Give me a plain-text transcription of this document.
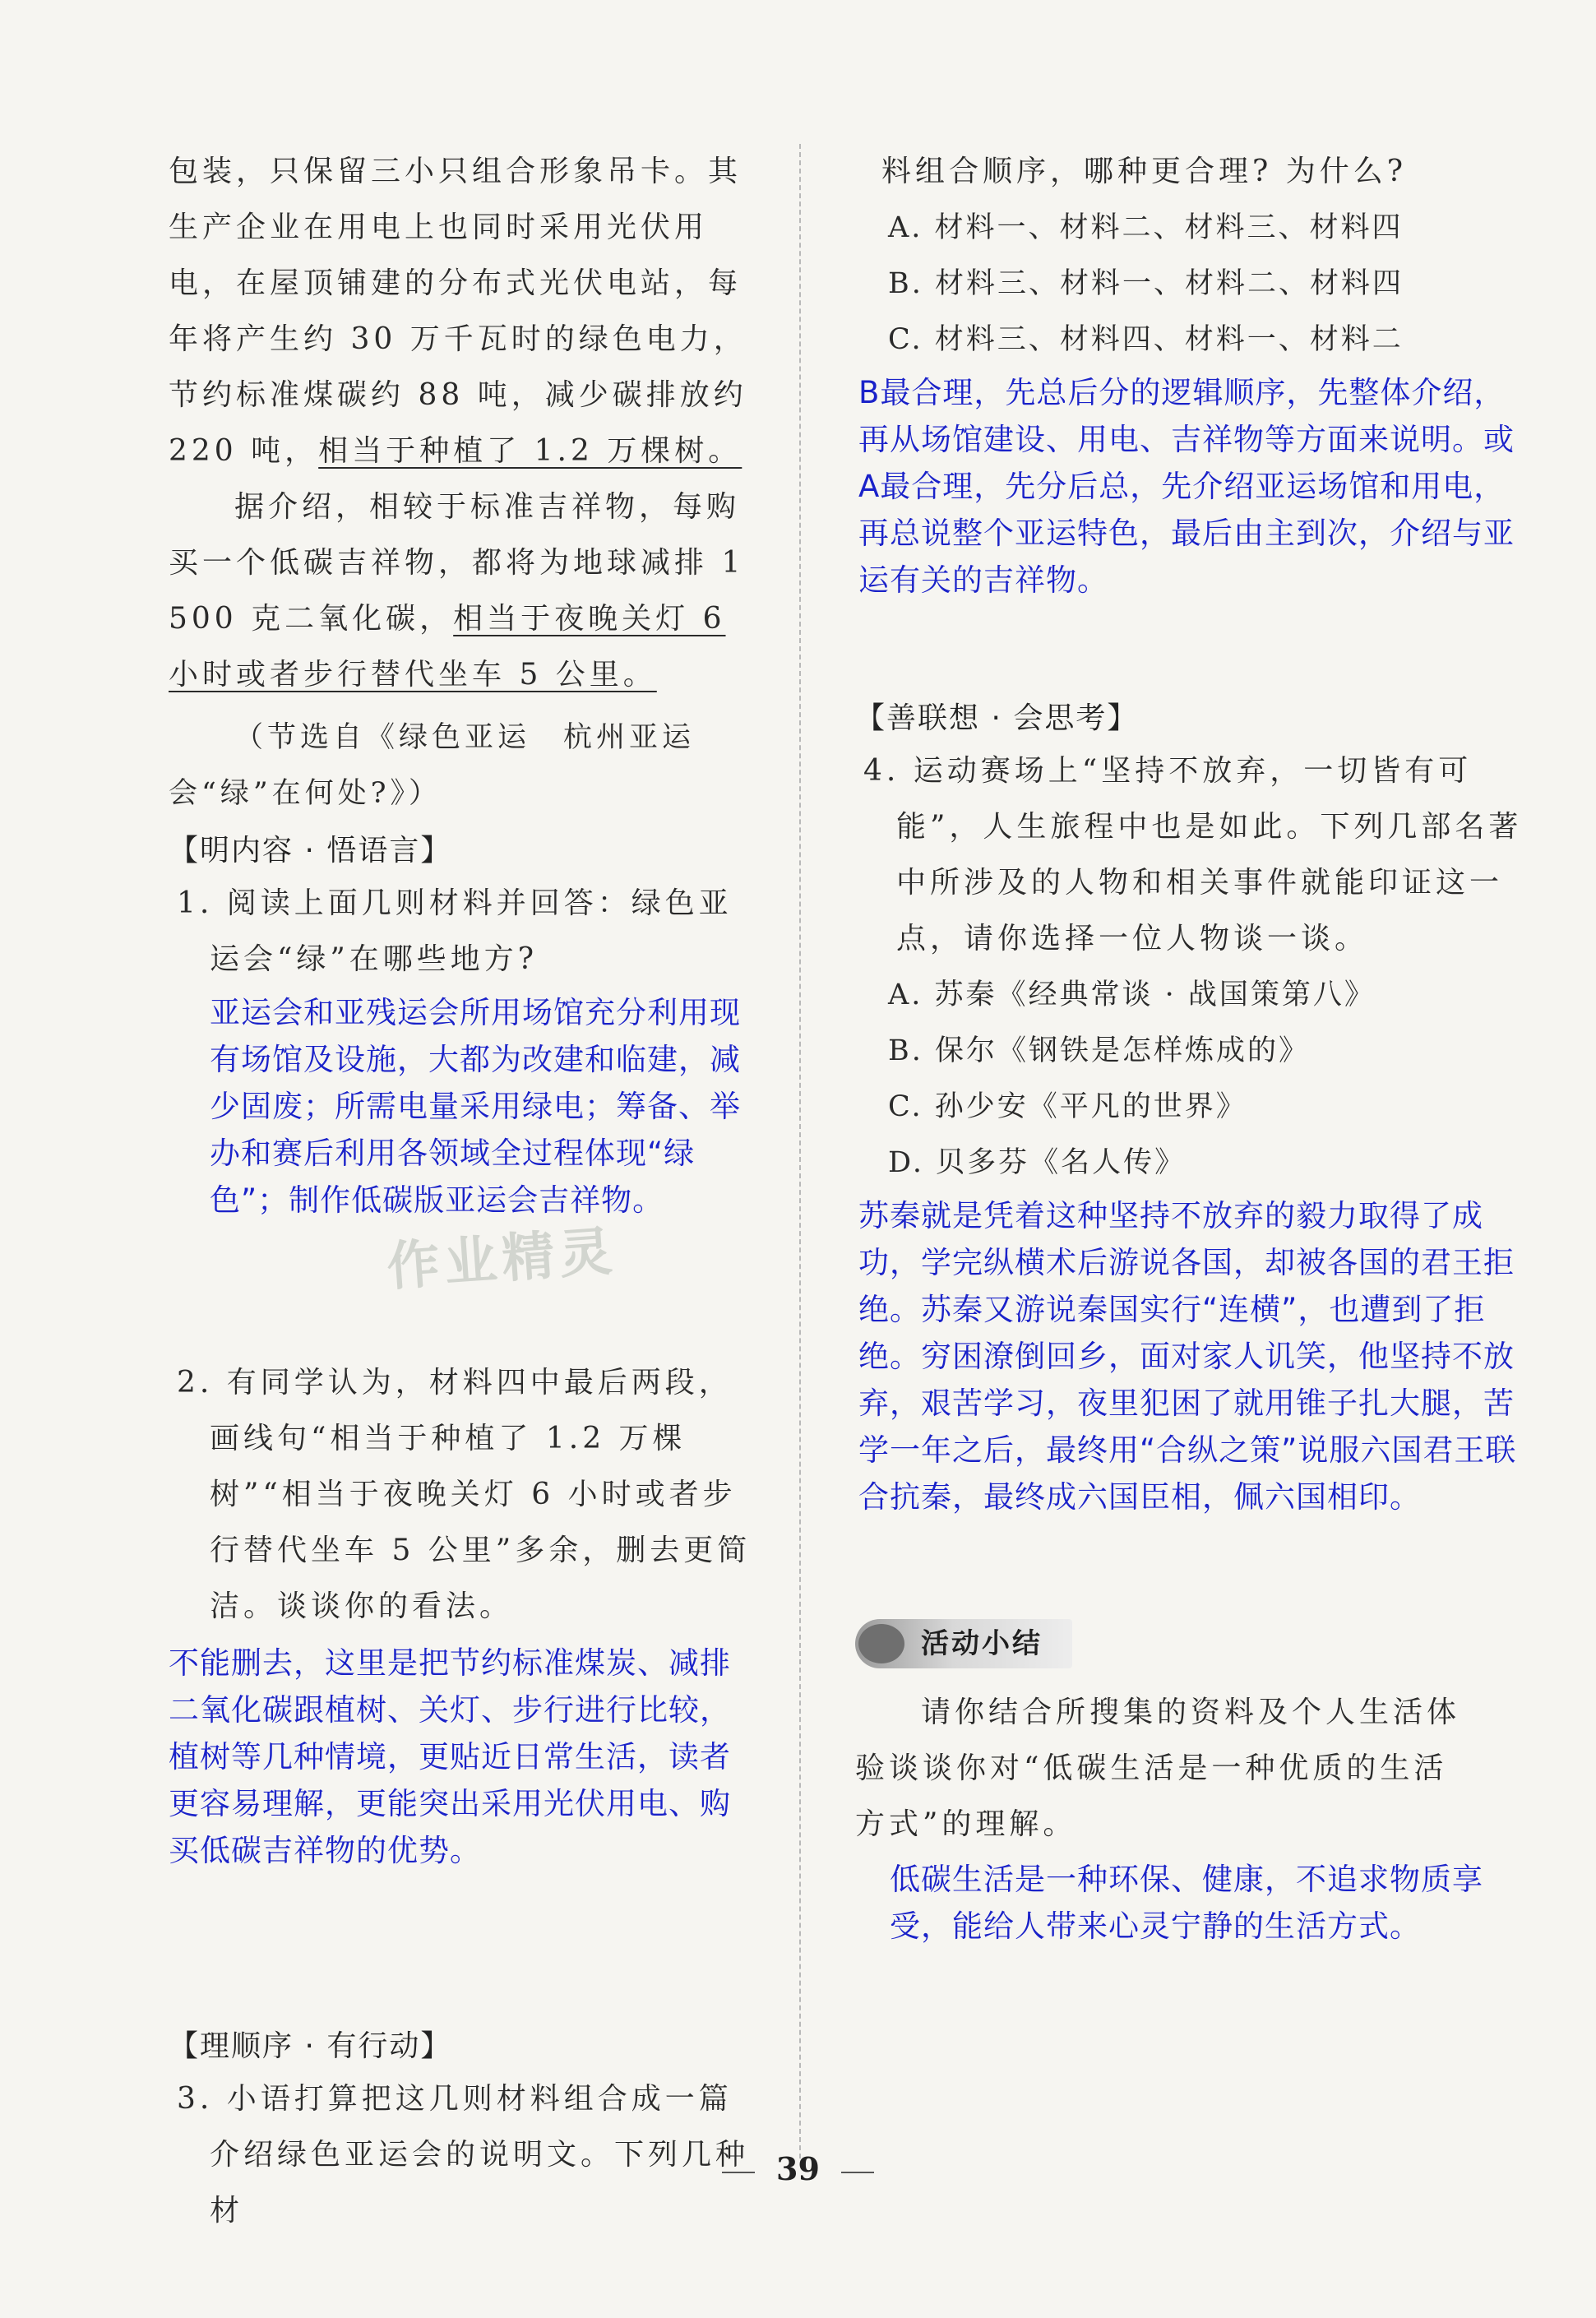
作业精灵

包装，只保留三小只组合形象吊卡。其生产企业在用电上也同时采用光伏用电，在屋顶铺建的分布式光伏电站，每年将产生约 30 万千瓦时的绿色电力，节约标准煤碳约 88 吨，减少碳排放约 220 吨，相当于种植了 1.2 万棵树。

据介绍，相较于标准吉祥物，每购买一个低碳吉祥物，都将为地球减排 1 500 克二氧化碳，相当于夜晚关灯 6 小时或者步行替代坐车 5 公里。

（节选自《绿色亚运　杭州亚运会“绿”在何处?》）

【明内容 · 悟语言】

1. 阅读上面几则材料并回答：绿色亚运会“绿”在哪些地方?

亚运会和亚残运会所用场馆充分利用现有场馆及设施，大都为改建和临建，减少固废；所需电量采用绿电；筹备、举办和赛后利用各领域全过程体现“绿色”；制作低碳版亚运会吉祥物。

2. 有同学认为，材料四中最后两段，画线句“相当于种植了 1.2 万棵树”“相当于夜晚关灯 6 小时或者步行替代坐车 5 公里”多余，删去更简洁。谈谈你的看法。

不能删去，这里是把节约标准煤炭、减排二氧化碳跟植树、关灯、步行进行比较，植树等几种情境，更贴近日常生活，读者更容易理解，更能突出采用光伏用电、购买低碳吉祥物的优势。

【理顺序 · 有行动】

3. 小语打算把这几则材料组合成一篇介绍绿色亚运会的说明文。下列几种材

料组合顺序，哪种更合理? 为什么?

A. 材料一、材料二、材料三、材料四

B. 材料三、材料一、材料二、材料四

C. 材料三、材料四、材料一、材料二

B最合理，先总后分的逻辑顺序，先整体介绍，再从场馆建设、用电、吉祥物等方面来说明。或A最合理，先分后总，先介绍亚运场馆和用电，再总说整个亚运特色，最后由主到次，介绍与亚运有关的吉祥物。

【善联想 · 会思考】

4. 运动赛场上“坚持不放弃，一切皆有可能”，人生旅程中也是如此。下列几部名著中所涉及的人物和相关事件就能印证这一点，请你选择一位人物谈一谈。

A. 苏秦《经典常谈 · 战国策第八》

B. 保尔《钢铁是怎样炼成的》

C. 孙少安《平凡的世界》

D. 贝多芬《名人传》

苏秦就是凭着这种坚持不放弃的毅力取得了成功，学完纵横术后游说各国，却被各国的君王拒绝。苏秦又游说秦国实行“连横”，也遭到了拒绝。穷困潦倒回乡，面对家人讥笑，他坚持不放弃，艰苦学习，夜里犯困了就用锥子扎大腿，苦学一年之后，最终用“合纵之策”说服六国君王联合抗秦，最终成六国臣相，佩六国相印。

活动小结

请你结合所搜集的资料及个人生活体验谈谈你对“低碳生活是一种优质的生活方式”的理解。

低碳生活是一种环保、健康，不追求物质享受，能给人带来心灵宁静的生活方式。

39
